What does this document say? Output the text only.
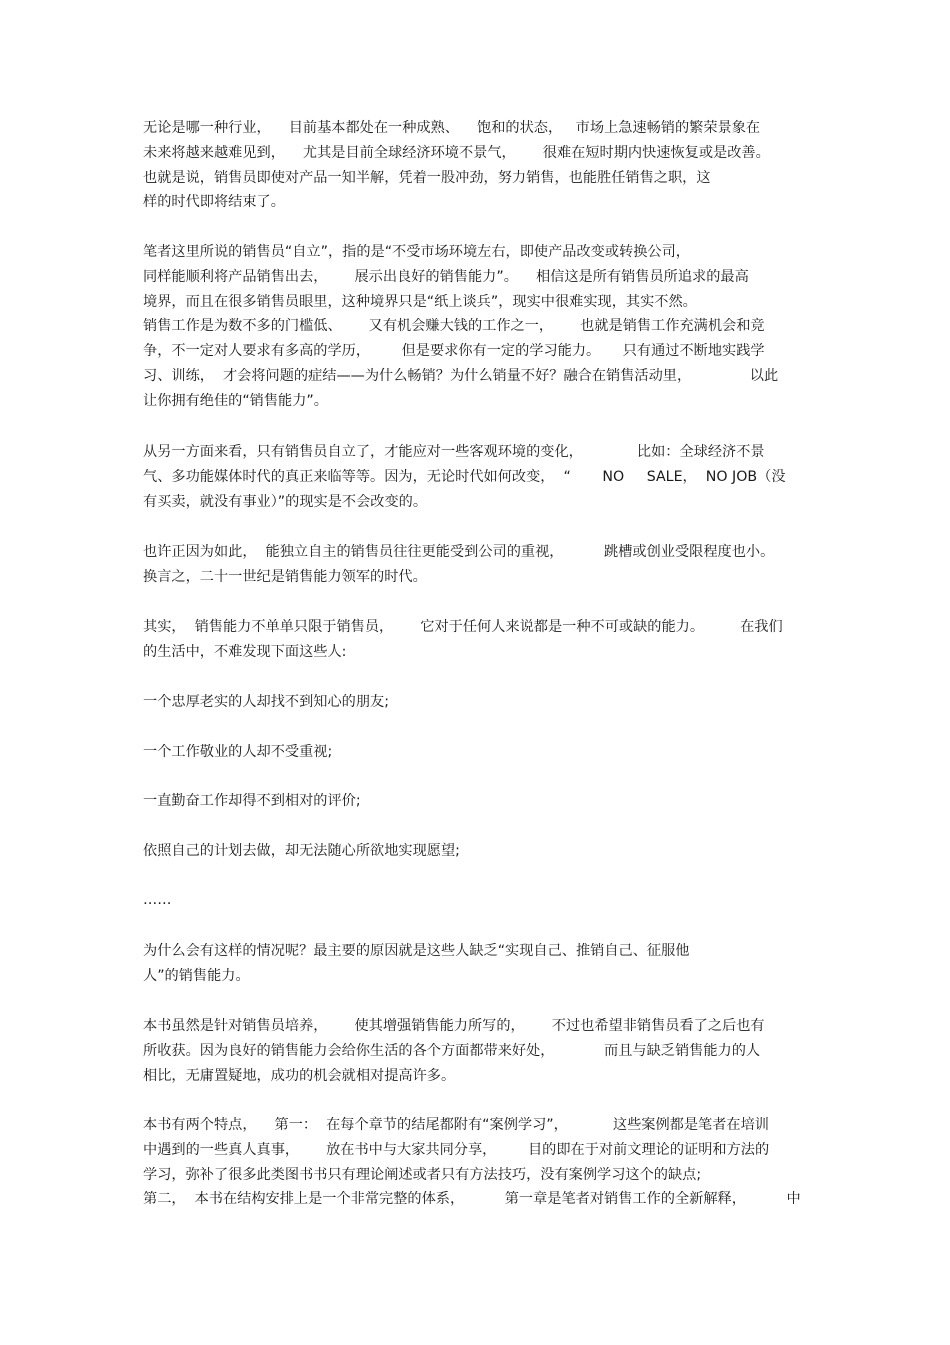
无论是哪一种行业，    目前基本都处在一种成熟、    饱和的状态，   市场上急速畅销的繁荣景象在
未来将越来越难见到，    尤其是目前全球经济环境不景气，      很难在短时期内快速恢复或是改善。
也就是说，销售员即使对产品一知半解，凭着一股冲劲，努力销售，也能胜任销售之职，这
样的时代即将结束了。
笔者这里所说的销售员“自立”，指的是“不受市场环境左右，即使产品改变或转换公司，
同样能顺利将产品销售出去，      展示出良好的销售能力”。    相信这是所有销售员所追求的最高
境界，而且在很多销售员眼里，这种境界只是“纸上谈兵”，现实中很难实现，其实不然。
销售工作是为数不多的门槛低、      又有机会赚大钱的工作之一，      也就是销售工作充满机会和竞
争，不一定对人要求有多高的学历，       但是要求你有一定的学习能力。     只有通过不断地实践学
习、训练，  才会将问题的症结——为什么畅销？为什么销量不好？融合在销售活动里，             以此
让你拥有绝佳的“销售能力”。
从另一方面来看，只有销售员自立了，才能应对一些客观环境的变化，            比如：全球经济不景
气、多功能媒体时代的真正来临等等。因为，无论时代如何改变，  “       NO     SALE，  NO JOB（没
有买卖，就没有事业）”的现实是不会改变的。
也许正因为如此，  能独立自主的销售员往往更能受到公司的重视，         跳槽或创业受限程度也小。
换言之，二十一世纪是销售能力领军的时代。
其实，  销售能力不单单只限于销售员，      它对于任何人来说都是一种不可或缺的能力。        在我们
的生活中，不难发现下面这些人:
一个忠厚老实的人却找不到知心的朋友;
一个工作敬业的人却不受重视;
一直勤奋工作却得不到相对的评价;
依照自己的计划去做，却无法随心所欲地实现愿望;
……
为什么会有这样的情况呢？最主要的原因就是这些人缺乏“实现自己、推销自己、征服他
人”的销售能力。
本书虽然是针对销售员培养，      使其增强销售能力所写的，      不过也希望非销售员看了之后也有
所收获。因为良好的销售能力会给你生活的各个方面都带来好处，           而且与缺乏销售能力的人
相比，无庸置疑地，成功的机会就相对提高许多。
本书有两个特点，    第一：  在每个章节的结尾都附有“案例学习”，          这些案例都是笔者在培训
中遇到的一些真人真事，      放在书中与大家共同分享，       目的即在于对前文理论的证明和方法的
学习，弥补了很多此类图书书只有理论阐述或者只有方法技巧，没有案例学习这个的缺点;
第二，  本书在结构安排上是一个非常完整的体系，         第一章是笔者对销售工作的全新解释，         中
